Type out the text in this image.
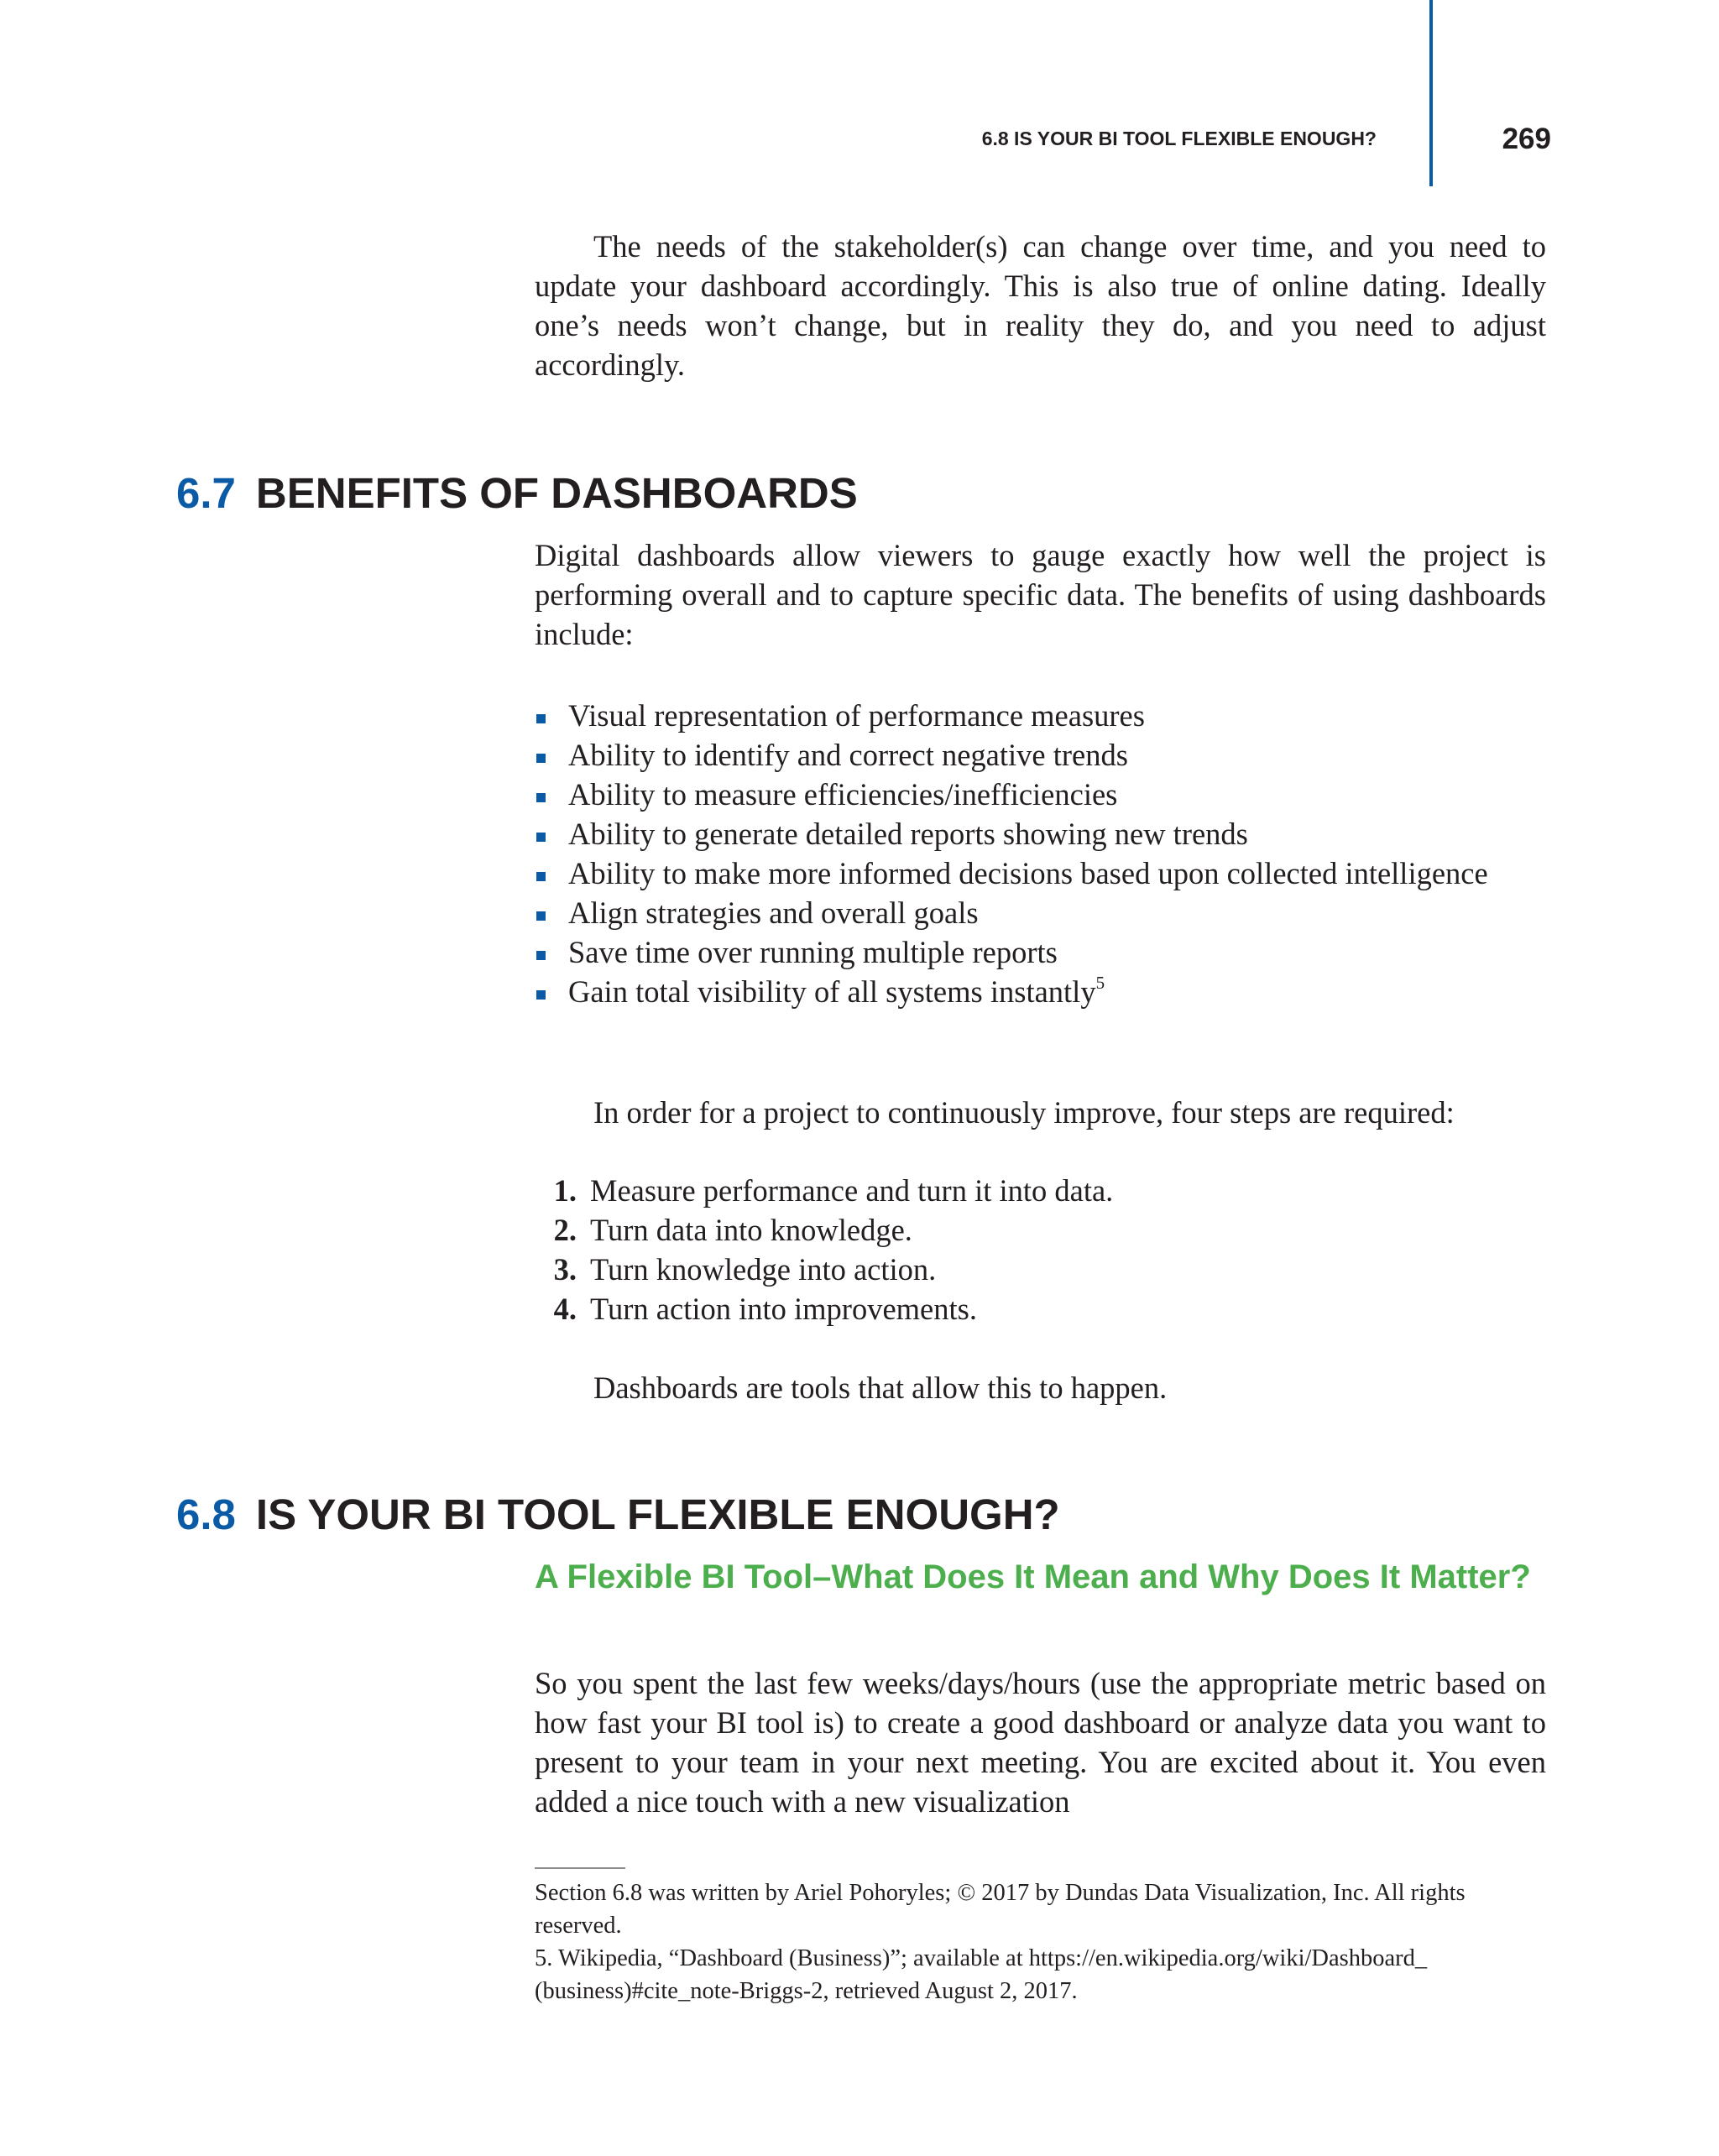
6.8 IS YOUR BI TOOL FLEXIBLE ENOUGH?	269

The needs of the stakeholder(s) can change over time, and you need to update your dashboard accordingly. This is also true of online dating. Ideally one’s needs won’t change, but in reality they do, and you need to adjust accordingly.

6.7 BENEFITS OF DASHBOARDS

Digital dashboards allow viewers to gauge exactly how well the project is performing overall and to capture specific data. The benefits of using dashboards include:

Visual representation of performance measures
Ability to identify and correct negative trends
Ability to measure efficiencies/inefficiencies
Ability to generate detailed reports showing new trends
Ability to make more informed decisions based upon collected intelligence
Align strategies and overall goals
Save time over running multiple reports
Gain total visibility of all systems instantly$^5$

In order for a project to continuously improve, four steps are required:

1. Measure performance and turn it into data.
2. Turn data into knowledge.
3. Turn knowledge into action.
4. Turn action into improvements.

Dashboards are tools that allow this to happen.

6.8 IS YOUR BI TOOL FLEXIBLE ENOUGH?
A Flexible BI Tool–What Does It Mean and Why Does It Matter?

So you spent the last few weeks/days/hours (use the appropriate metric based on how fast your BI tool is) to create a good dashboard or analyze data you want to present to your team in your next meeting. You are excited about it. You even added a nice touch with a new visualization

Section 6.8 was written by Ariel Pohoryles; © 2017 by Dundas Data Visualization, Inc. All rights reserved.

5. Wikipedia, “Dashboard (Business)”; available at https://en.wikipedia.org/wiki/Dashboard_ (business)#cite_note-Briggs-2, retrieved August 2, 2017.
